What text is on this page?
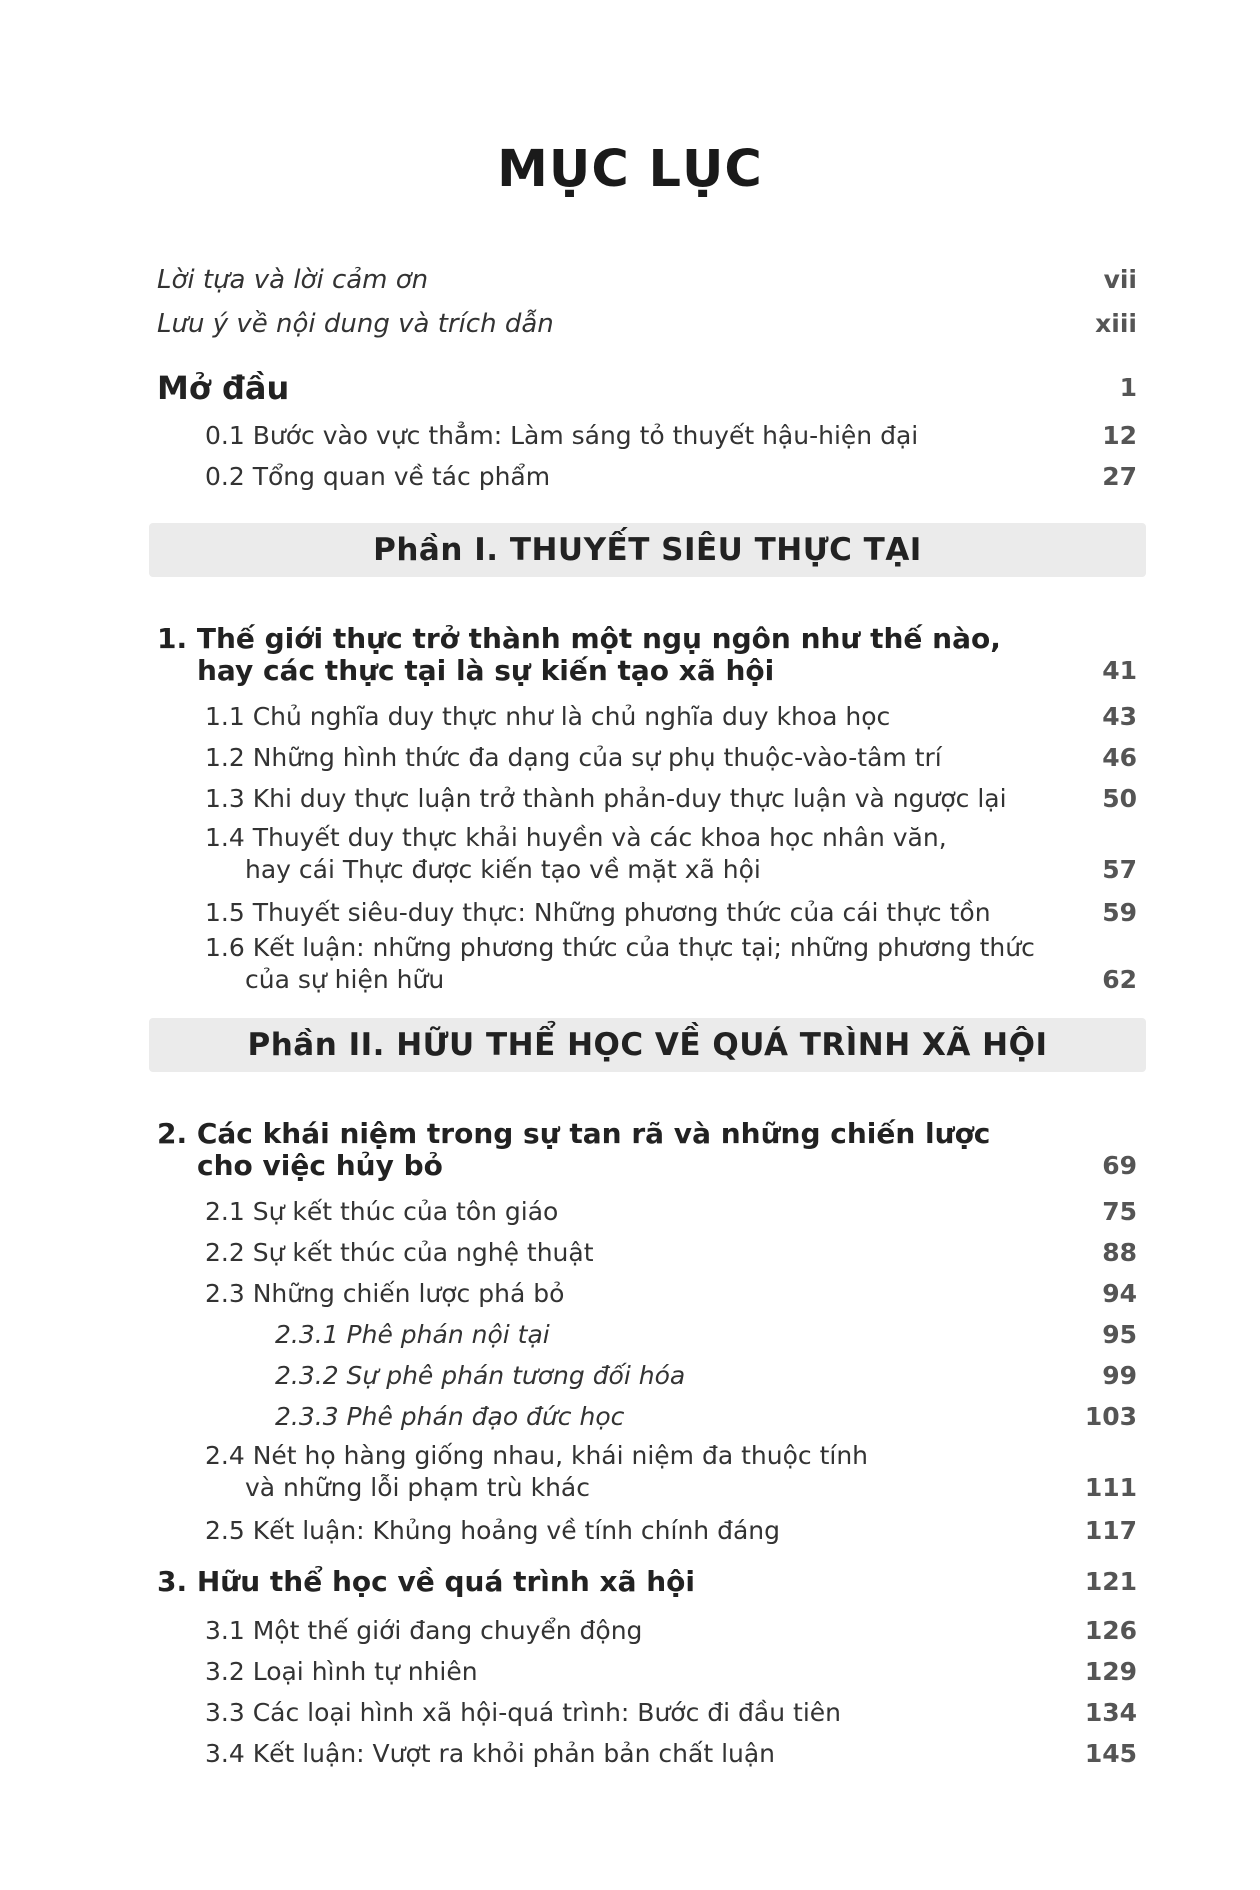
MỤC LỤC
Lời tựa và lời cảm ơn	vii
Lưu ý về nội dung và trích dẫn	xiii
Mở đầu	1
0.1 Bước vào vực thẳm: Làm sáng tỏ thuyết hậu-hiện đại	12
0.2 Tổng quan về tác phẩm	27
Phần I. THUYẾT SIÊU THỰC TẠI
1. Thế giới thực trở thành một ngụ ngôn như thế nào,
hay các thực tại là sự kiến tạo xã hội	41
1.1 Chủ nghĩa duy thực như là chủ nghĩa duy khoa học	43
1.2 Những hình thức đa dạng của sự phụ thuộc-vào-tâm trí	46
1.3 Khi duy thực luận trở thành phản-duy thực luận và ngược lại	50
1.4 Thuyết duy thực khải huyền và các khoa học nhân văn,
hay cái Thực được kiến tạo về mặt xã hội	57
1.5 Thuyết siêu-duy thực: Những phương thức của cái thực tồn	59
1.6 Kết luận: những phương thức của thực tại; những phương thức
của sự hiện hữu	62
Phần II. HỮU THỂ HỌC VỀ QUÁ TRÌNH XÃ HỘI
2. Các khái niệm trong sự tan rã và những chiến lược
cho việc hủy bỏ	69
2.1 Sự kết thúc của tôn giáo	75
2.2 Sự kết thúc của nghệ thuật	88
2.3 Những chiến lược phá bỏ	94
2.3.1 Phê phán nội tại	95
2.3.2 Sự phê phán tương đối hóa	99
2.3.3 Phê phán đạo đức học	103
2.4 Nét họ hàng giống nhau, khái niệm đa thuộc tính
và những lỗi phạm trù khác	111
2.5 Kết luận: Khủng hoảng về tính chính đáng	117
3. Hữu thể học về quá trình xã hội	121
3.1 Một thế giới đang chuyển động	126
3.2 Loại hình tự nhiên	129
3.3 Các loại hình xã hội-quá trình: Bước đi đầu tiên	134
3.4 Kết luận: Vượt ra khỏi phản bản chất luận	145
